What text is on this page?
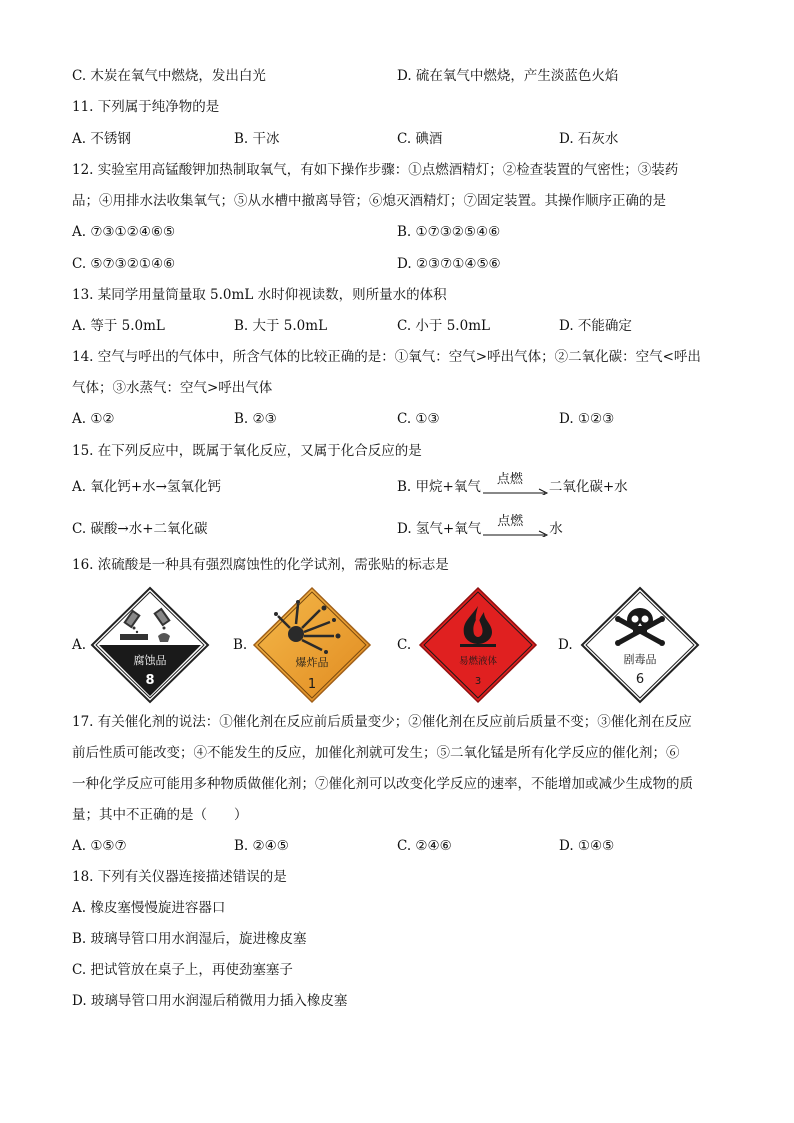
C. 木炭在氧气中燃烧，发出白光	D. 硫在氧气中燃烧，产生淡蓝色火焰
11. 下列属于纯净物的是
A. 不锈钢	B. 干冰	C. 碘酒	D. 石灰水
12. 实验室用高锰酸钾加热制取氧气，有如下操作步骤：①点燃酒精灯；②检查装置的气密性；③装药
品；④用排水法收集氧气；⑤从水槽中撤离导管；⑥熄灭酒精灯；⑦固定装置。其操作顺序正确的是
A. ⑦③①②④⑥⑤	B. ①⑦③②⑤④⑥
C. ⑤⑦③②①④⑥	D. ②③⑦①④⑤⑥
13. 某同学用量筒量取 5.0mL 水时仰视读数，则所量水的体积
A. 等于 5.0mL	B. 大于 5.0mL	C. 小于 5.0mL	D. 不能确定
14. 空气与呼出的气体中，所含气体的比较正确的是：①氧气：空气>呼出气体；②二氧化碳：空气<呼出
气体；③水蒸气：空气>呼出气体
A. ①②	B. ②③	C. ①③	D. ①②③
15. 在下列反应中，既属于氧化反应，又属于化合反应的是
A. 氧化钙+水→氢氧化钙	B. 甲烷+氧气 点燃 二氧化碳+水
C. 碳酸→水+二氧化碳	D. 氢气+氧气 点燃 水
16. 浓硫酸是一种具有强烈腐蚀性的化学试剂，需张贴的标志是
A.
腐蚀品
8
B.
爆炸品
1
C.
易燃液体
3
D.
剧毒品
6
17. 有关催化剂的说法：①催化剂在反应前后质量变少；②催化剂在反应前后质量不变；③催化剂在反应
前后性质可能改变；④不能发生的反应，加催化剂就可发生；⑤二氧化锰是所有化学反应的催化剂；⑥
一种化学反应可能用多种物质做催化剂；⑦催化剂可以改变化学反应的速率，不能增加或减少生成物的质
量；其中不正确的是（　　）
A. ①⑤⑦	B. ②④⑤	C. ②④⑥	D. ①④⑤
18. 下列有关仪器连接描述错误的是
A. 橡皮塞慢慢旋进容器口
B. 玻璃导管口用水润湿后，旋进橡皮塞
C. 把试管放在桌子上，再使劲塞塞子
D. 玻璃导管口用水润湿后稍微用力插入橡皮塞
